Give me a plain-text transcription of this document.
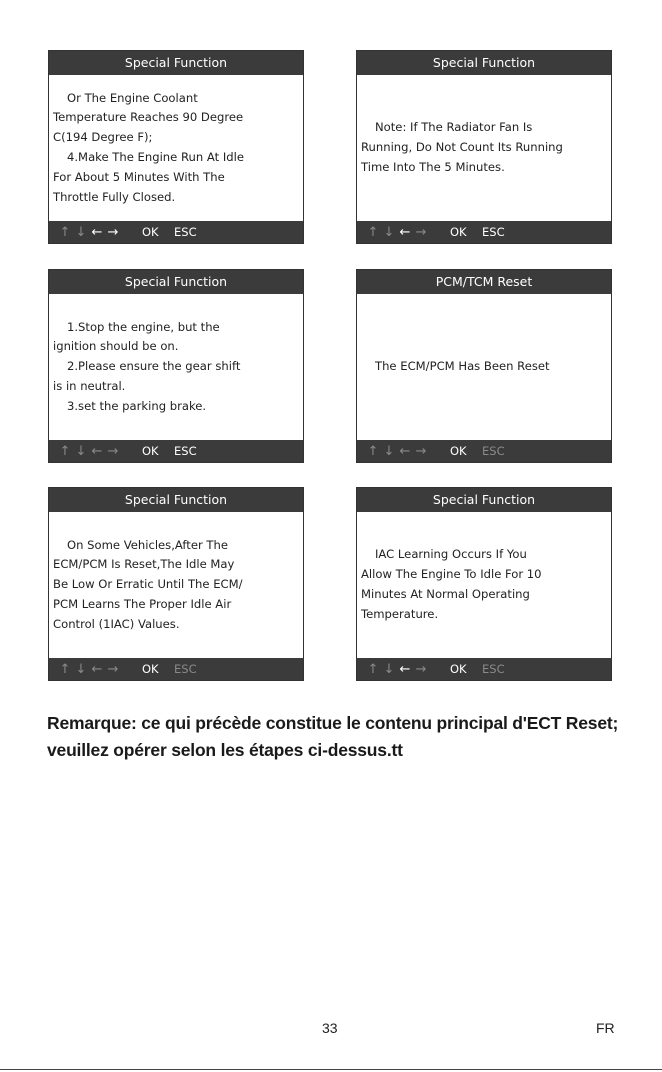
Special Function
Or The Engine Coolant
Temperature Reaches 90 Degree
C(194 Degree F);
4.Make The Engine Run At Idle
For About 5 Minutes With The
Throttle Fully Closed.
↑ ↓ ← →	OK ESC
Special Function
Note: If The Radiator Fan Is
Running, Do Not Count Its Running
Time Into The 5 Minutes.
↑ ↓ ← →	OK ESC
Special Function
1.Stop the engine, but the
ignition should be on.
2.Please ensure the gear shift
is in neutral.
3.set the parking brake.
↑ ↓ ← →	OK ESC
PCM/TCM Reset
The ECM/PCM Has Been Reset
↑ ↓ ← →	OK ESC
Special Function
On Some Vehicles,After The
ECM/PCM Is Reset,The Idle May
Be Low Or Erratic Until The ECM/
PCM Learns The Proper Idle Air
Control (1IAC) Values.
↑ ↓ ← →	OK ESC
Special Function
IAC Learning Occurs If You
Allow The Engine To Idle For 10
Minutes At Normal Operating
Temperature.
↑ ↓ ← →	OK ESC
Remarque: ce qui précède constitue le contenu principal d'ECT Reset; veuillez opérer selon les étapes ci-dessus.tt
33	FR
